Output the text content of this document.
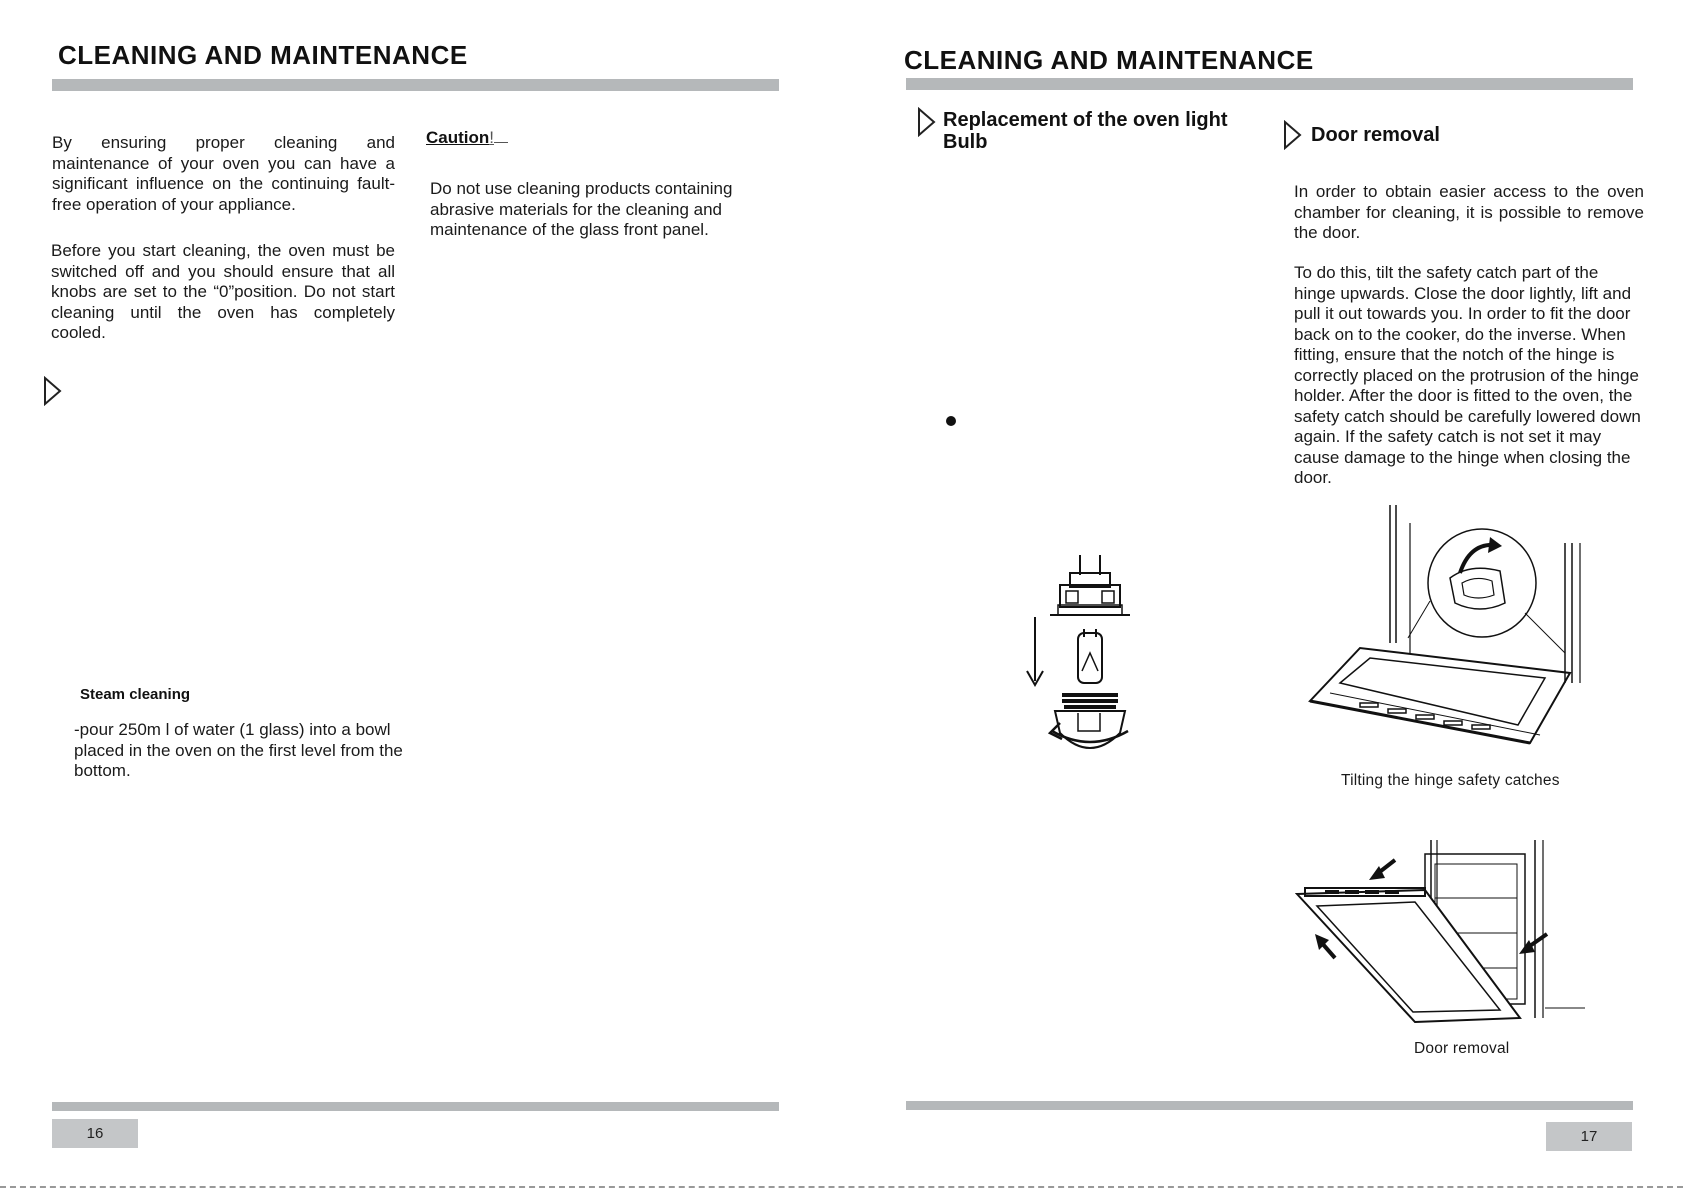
CLEANING AND MAINTENANCE
By ensuring proper cleaning and maintenance of your oven you can have a significant influence on the continuing fault-free operation of your appliance.
Before you start cleaning, the oven must be switched off and you should ensure that all knobs are set to the “0”position. Do not start cleaning until the oven has completely cooled.
Caution!
Do not use cleaning products containing abrasive materials for the cleaning and maintenance of the glass front panel.
Steam cleaning
-pour 250m l of water (1 glass) into a bowl placed in the oven on the first level from the bottom.
16
CLEANING AND MAINTENANCE
Replacement of the oven light
Bulb	Door removal
In order to obtain easier access to the oven chamber for cleaning, it is possible to remove the door.
To do this, tilt the safety catch part of the hinge upwards. Close the door lightly, lift and pull it out towards you. In order to fit the door back on to the cooker, do the inverse. When fitting, ensure that the notch of the hinge is correctly placed on the protrusion of the hinge holder. After the door is fitted to the oven, the safety catch should be carefully lowered down again. If the safety catch is not set it may cause damage to the hinge when closing the door.
Tilting the hinge safety catches
Door removal
17
